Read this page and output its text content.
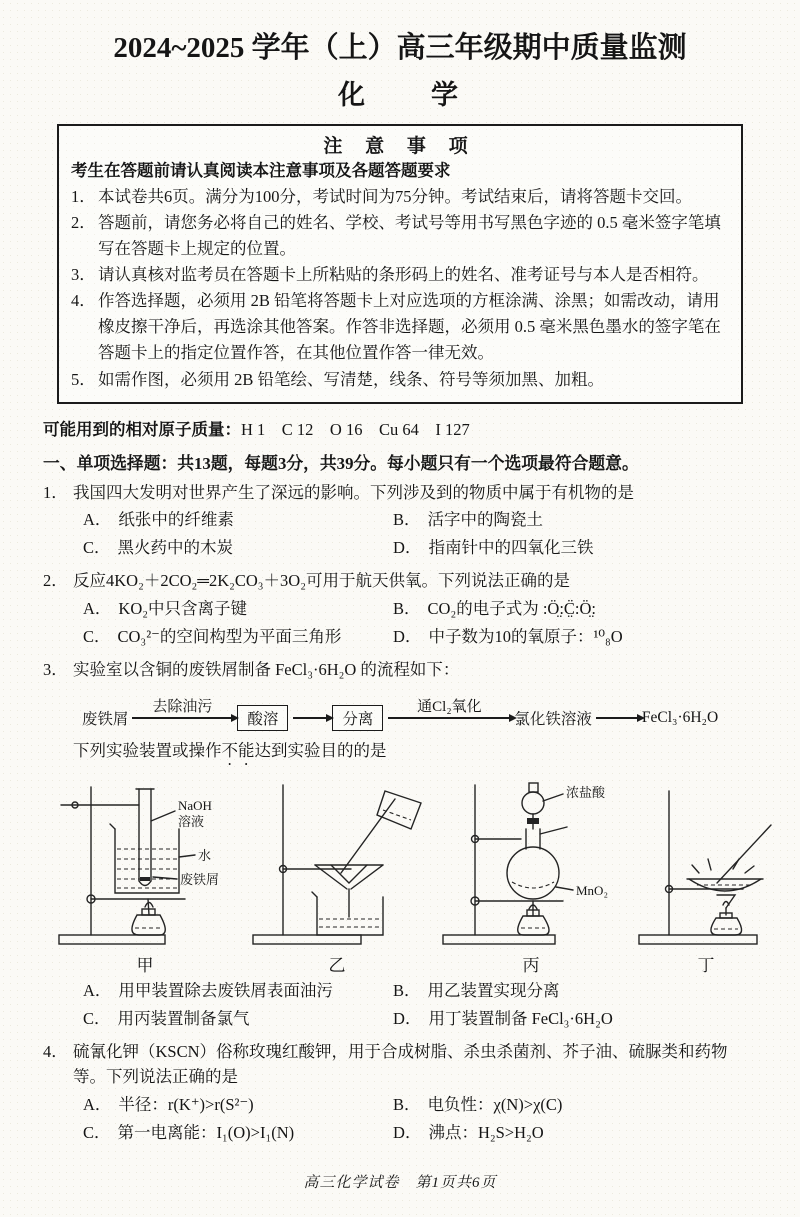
2024~2025 学年（上）高三年级期中质量监测
化　　学
注 意 事 项
考生在答题前请认真阅读本注意事项及各题答题要求
1． 本试卷共6页。满分为100分，考试时间为75分钟。考试结束后，请将答题卡交回。
2． 答题前，请您务必将自己的姓名、学校、考试号等用书写黑色字迹的 0.5 毫米签字笔填写在答题卡上规定的位置。
3． 请认真核对监考员在答题卡上所粘贴的条形码上的姓名、准考证号与本人是否相符。
4． 作答选择题，必须用 2B 铅笔将答题卡上对应选项的方框涂满、涂黑；如需改动，请用橡皮擦干净后，再选涂其他答案。作答非选择题，必须用 0.5 毫米黑色墨水的签字笔在答题卡上的指定位置作答，在其他位置作答一律无效。
5． 如需作图，必须用 2B 铅笔绘、写清楚，线条、符号等须加黑、加粗。
可能用到的相对原子质量：H 1 C 12 O 16 Cu 64 I 127
一、单项选择题：共13题，每题3分，共39分。每小题只有一个选项最符合题意。
1． 我国四大发明对世界产生了深远的影响。下列涉及到的物质中属于有机物的是
A． 纸张中的纤维素	B． 活字中的陶瓷土
C． 黑火药中的木炭	D． 指南针中的四氧化三铁
2． 反应4KO₂＋2CO₂═2K₂CO₃＋3O₂可用于航天供氧。下列说法正确的是
A． KO₂中只含离子键	B． CO₂的电子式为 :Ö̤:C̤̈:Ö̤:
C． CO₃²⁻的空间构型为平面三角形	D． 中子数为10的氧原子：¹⁰₈O
3． 实验室以含铜的废铁屑制备 FeCl₃·6H₂O 的流程如下：
废铁屑
去除油污
酸溶	分离
通Cl₂氧化
氯化铁溶液	FeCl₃·6H₂O
下列实验装置或操作不能达到实验目的的是
NaOH
溶液
水
废铁屑
甲	乙
MnO₂
浓盐酸
丙	丁
A． 用甲装置除去废铁屑表面油污	B． 用乙装置实现分离
C． 用丙装置制备氯气	D． 用丁装置制备 FeCl₃·6H₂O
4． 硫氰化钾（KSCN）俗称玫瑰红酸钾，用于合成树脂、杀虫杀菌剂、芥子油、硫脲类和药物等。下列说法正确的是
A． 半径：r(K⁺)>r(S²⁻)	B． 电负性：χ(N)>χ(C)
C． 第一电离能：I₁(O)>I₁(N)	D． 沸点：H₂S>H₂O
高三化学试卷　第1页共6页
